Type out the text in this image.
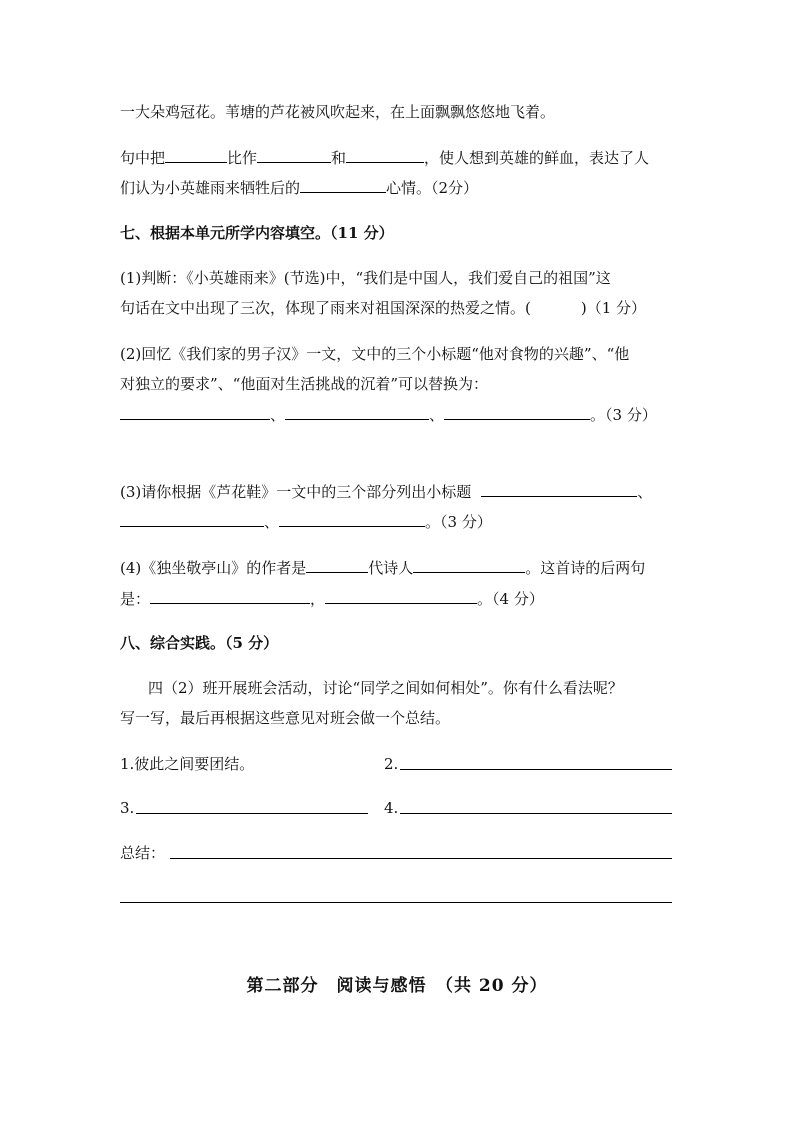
一大朵鸡冠花。苇塘的芦花被风吹起来，在上面飘飘悠悠地飞着。
句中把	比作	和	，使人想到英雄的鲜血，表达了人
们认为小英雄雨来牺牲后的	心情。（2分）
七、根据本单元所学内容填空。（11 分）
(1)判断：《小英雄雨来》(节选)中，“我们是中国人，我们爱自己的祖国”这
句话在文中出现了三次，体现了雨来对祖国深深的热爱之情。(	)（1 分）
(2)回忆《我们家的男子汉》一文，文中的三个小标题“他对食物的兴趣”、“他
对独立的要求”、“他面对生活挑战的沉着”可以替换为：
、	、	。（3 分）
(3)请你根据《芦花鞋》一文中的三个部分列出小标题	、
、	。（3 分）
(4)《独坐敬亭山》的作者是	代诗人	。这首诗的后两句
是：	，	。（4 分）
八、综合实践。（5 分）
四（2）班开展班会活动，讨论“同学之间如何相处”。你有什么看法呢？
写一写，最后再根据这些意见对班会做一个总结。
1.彼此之间要团结。	2.
3.	4.
总结：
第二部分　阅读与感悟　（共 20 分）
